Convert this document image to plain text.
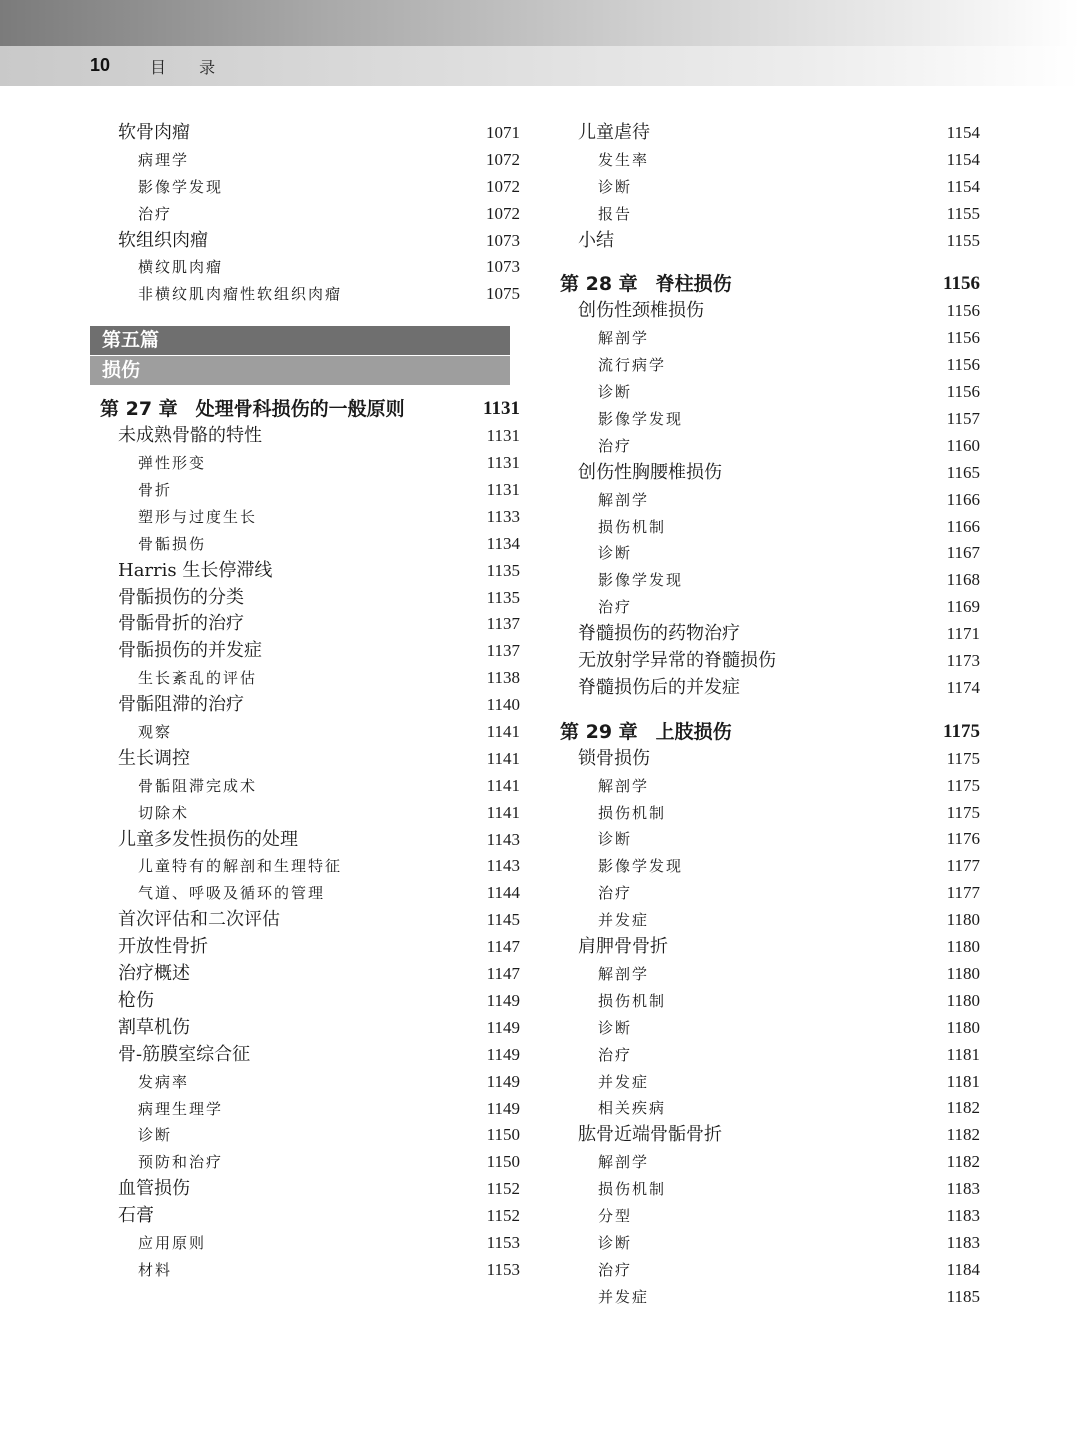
10 目 录
软骨肉瘤	1071
病理学	1072
影像学发现	1072
治疗	1072
软组织肉瘤	1073
横纹肌肉瘤	1073
非横纹肌肉瘤性软组织肉瘤	1075
第五篇
损伤
第 27 章 处理骨科损伤的一般原则	1131
未成熟骨骼的特性	1131
弹性形变	1131
骨折	1131
塑形与过度生长	1133
骨骺损伤	1134
Harris 生长停滞线	1135
骨骺损伤的分类	1135
骨骺骨折的治疗	1137
骨骺损伤的并发症	1137
生长紊乱的评估	1138
骨骺阻滞的治疗	1140
观察	1141
生长调控	1141
骨骺阻滞完成术	1141
切除术	1141
儿童多发性损伤的处理	1143
儿童特有的解剖和生理特征	1143
气道、呼吸及循环的管理	1144
首次评估和二次评估	1145
开放性骨折	1147
治疗概述	1147
枪伤	1149
割草机伤	1149
骨-筋膜室综合征	1149
发病率	1149
病理生理学	1149
诊断	1150
预防和治疗	1150
血管损伤	1152
石膏	1152
应用原则	1153
材料	1153
儿童虐待	1154
发生率	1154
诊断	1154
报告	1155
小结	1155
第 28 章 脊柱损伤	1156
创伤性颈椎损伤	1156
解剖学	1156
流行病学	1156
诊断	1156
影像学发现	1157
治疗	1160
创伤性胸腰椎损伤	1165
解剖学	1166
损伤机制	1166
诊断	1167
影像学发现	1168
治疗	1169
脊髓损伤的药物治疗	1171
无放射学异常的脊髓损伤	1173
脊髓损伤后的并发症	1174
第 29 章 上肢损伤	1175
锁骨损伤	1175
解剖学	1175
损伤机制	1175
诊断	1176
影像学发现	1177
治疗	1177
并发症	1180
肩胛骨骨折	1180
解剖学	1180
损伤机制	1180
诊断	1180
治疗	1181
并发症	1181
相关疾病	1182
肱骨近端骨骺骨折	1182
解剖学	1182
损伤机制	1183
分型	1183
诊断	1183
治疗	1184
并发症	1185
